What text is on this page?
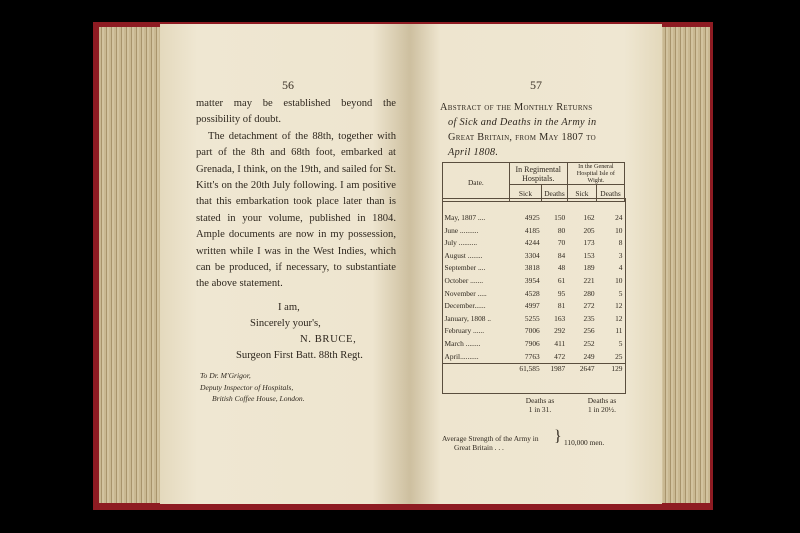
56

matter may be established beyond the possibility of doubt.

The detachment of the 88th, together with part of the 8th and 68th foot, embarked at Grenada, I think, on the 19th, and sailed for St. Kitt's on the 20th July following. I am positive that this embarkation took place later than is stated in your volume, published in 1804. Ample documents are now in my possession, written while I was in the West Indies, which can be produced, if necessary, to substantiate the above statement.

I am,
Sincerely your's,
N. BRUCE,
Surgeon First Batt. 88th Regt.
To Dr. M'Grigor,
Deputy Inspector of Hospitals,
British Coffee House, London.
57
Abstract of the Monthly Returns
of Sick and Deaths in the Army in
Great Britain, from May 1807 to
April 1808.
Date.	In Regimental Hospitals.		In the General Hospital Isle of Wight.	
	Sick	Deaths	Sick	Deaths
May, 1807 ....	4925	150	162	24
June ..........	4185	80	205	10
July ..........	4244	70	173	8
August ........	3304	84	153	3
September ....	3818	48	189	4
October .......	3954	61	221	10
November .....	4528	95	280	5
December......	4997	81	272	12
January, 1808 ..	5255	163	235	12
February ......	7006	292	256	11
March ........	7906	411	252	5
April..........	7763	472	249	25
	61,585	1987	2647	129
Deaths as
1 in 31.
Deaths as
1 in 20½.
Average Strength of the Army in
Great Britain . . .
} 110,000 men.
